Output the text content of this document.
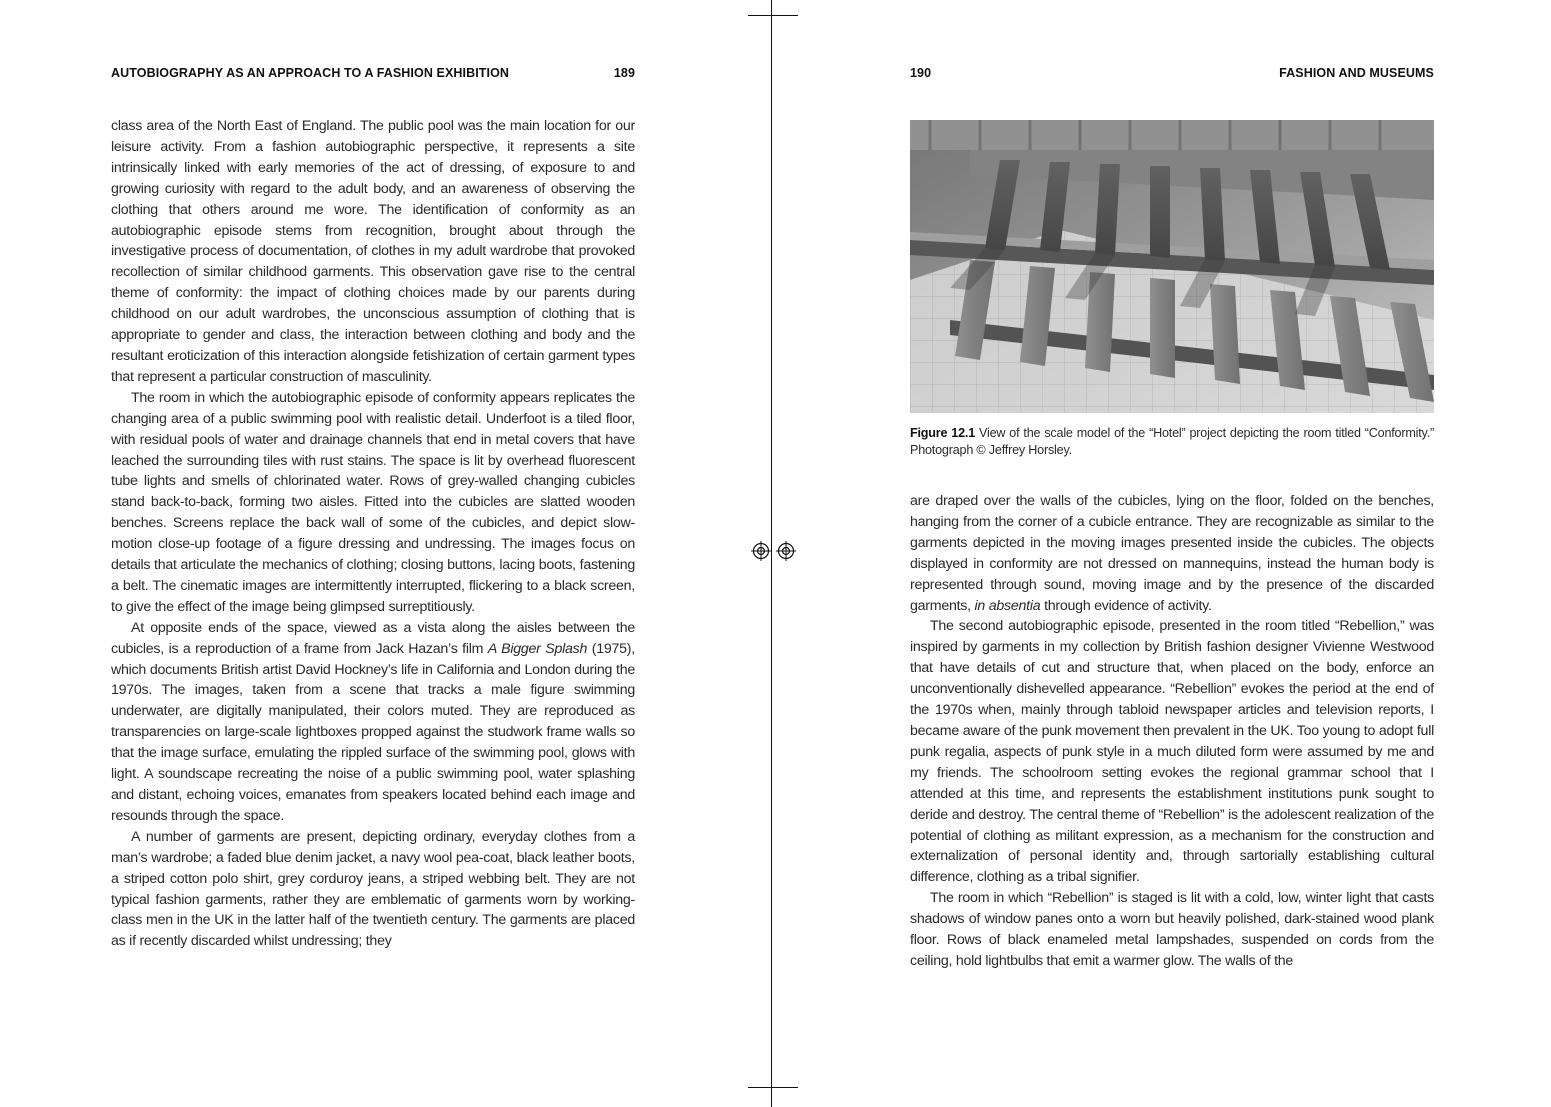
AUTOBIOGRAPHY AS AN APPROACH TO A FASHION EXHIBITION	189

class area of the North East of England. The public pool was the main location for our leisure activity. From a fashion autobiographic perspective, it represents a site intrinsically linked with early memories of the act of dressing, of exposure to and growing curiosity with regard to the adult body, and an awareness of observing the clothing that others around me wore. The identification of conformity as an autobiographic episode stems from recognition, brought about through the investigative process of documentation, of clothes in my adult wardrobe that provoked recollection of similar childhood garments. This observation gave rise to the central theme of conformity: the impact of clothing choices made by our parents during childhood on our adult wardrobes, the unconscious assumption of clothing that is appropriate to gender and class, the interaction between clothing and body and the resultant eroticization of this interaction alongside fetishization of certain garment types that represent a particular construction of masculinity.

The room in which the autobiographic episode of conformity appears replicates the changing area of a public swimming pool with realistic detail. Underfoot is a tiled floor, with residual pools of water and drainage channels that end in metal covers that have leached the surrounding tiles with rust stains. The space is lit by overhead fluorescent tube lights and smells of chlorinated water. Rows of grey-walled changing cubicles stand back-to-back, forming two aisles. Fitted into the cubicles are slatted wooden benches. Screens replace the back wall of some of the cubicles, and depict slow-motion close-up footage of a figure dressing and undressing. The images focus on details that articulate the mechanics of clothing; closing buttons, lacing boots, fastening a belt. The cinematic images are intermittently interrupted, flickering to a black screen, to give the effect of the image being glimpsed surreptitiously.

At opposite ends of the space, viewed as a vista along the aisles between the cubicles, is a reproduction of a frame from Jack Hazan’s film A Bigger Splash (1975), which documents British artist David Hockney’s life in California and London during the 1970s. The images, taken from a scene that tracks a male figure swimming underwater, are digitally manipulated, their colors muted. They are reproduced as transparencies on large-scale lightboxes propped against the studwork frame walls so that the image surface, emulating the rippled surface of the swimming pool, glows with light. A soundscape recreating the noise of a public swimming pool, water splashing and distant, echoing voices, emanates from speakers located behind each image and resounds through the space.

A number of garments are present, depicting ordinary, everyday clothes from a man’s wardrobe; a faded blue denim jacket, a navy wool pea-coat, black leather boots, a striped cotton polo shirt, grey corduroy jeans, a striped webbing belt. They are not typical fashion garments, rather they are emblematic of garments worn by working-class men in the UK in the latter half of the twentieth century. The garments are placed as if recently discarded whilst undressing; they

190	FASHION AND MUSEUMS
Figure 12.1 View of the scale model of the “Hotel” project depicting the room titled “Conformity.” Photograph © Jeffrey Horsley.

are draped over the walls of the cubicles, lying on the floor, folded on the benches, hanging from the corner of a cubicle entrance. They are recognizable as similar to the garments depicted in the moving images presented inside the cubicles. The objects displayed in conformity are not dressed on mannequins, instead the human body is represented through sound, moving image and by the presence of the discarded garments, in absentia through evidence of activity.

The second autobiographic episode, presented in the room titled “Rebellion,” was inspired by garments in my collection by British fashion designer Vivienne Westwood that have details of cut and structure that, when placed on the body, enforce an unconventionally dishevelled appearance. “Rebellion” evokes the period at the end of the 1970s when, mainly through tabloid newspaper articles and television reports, I became aware of the punk movement then prevalent in the UK. Too young to adopt full punk regalia, aspects of punk style in a much diluted form were assumed by me and my friends. The schoolroom setting evokes the regional grammar school that I attended at this time, and represents the establishment institutions punk sought to deride and destroy. The central theme of “Rebellion” is the adolescent realization of the potential of clothing as militant expression, as a mechanism for the construction and externalization of personal identity and, through sartorially establishing cultural difference, clothing as a tribal signifier.

The room in which “Rebellion” is staged is lit with a cold, low, winter light that casts shadows of window panes onto a worn but heavily polished, dark-stained wood plank floor. Rows of black enameled metal lampshades, suspended on cords from the ceiling, hold lightbulbs that emit a warmer glow. The walls of the
